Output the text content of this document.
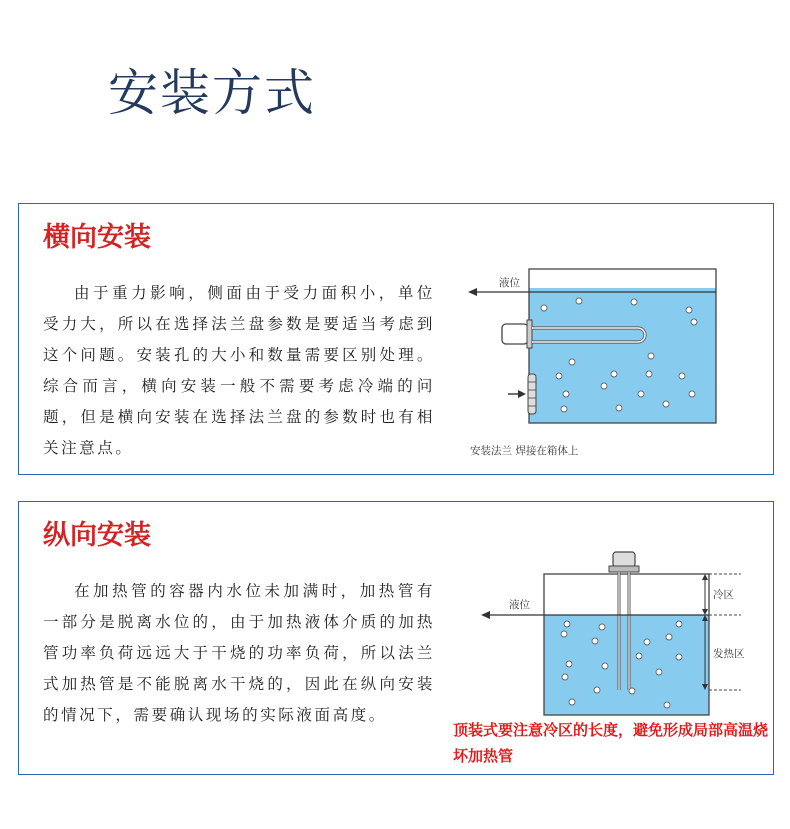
安装方式
横向安装
由于重力影响，侧面由于受力面积小，单位受力大，所以在选择法兰盘参数是要适当考虑到这个问题。安装孔的大小和数量需要区别处理。综合而言，横向安装一般不需要考虑冷端的问题，但是横向安装在选择法兰盘的参数时也有相关注意点。
液位
安装法兰 焊接在箱体上
纵向安装
在加热管的容器内水位未加满时，加热管有一部分是脱离水位的，由于加热液体介质的加热管功率负荷远远大于干烧的功率负荷，所以法兰式加热管是不能脱离水干烧的，因此在纵向安装的情况下，需要确认现场的实际液面高度。
液位
冷区
发热区
顶装式要注意冷区的长度，避免形成局部高温烧坏加热管
